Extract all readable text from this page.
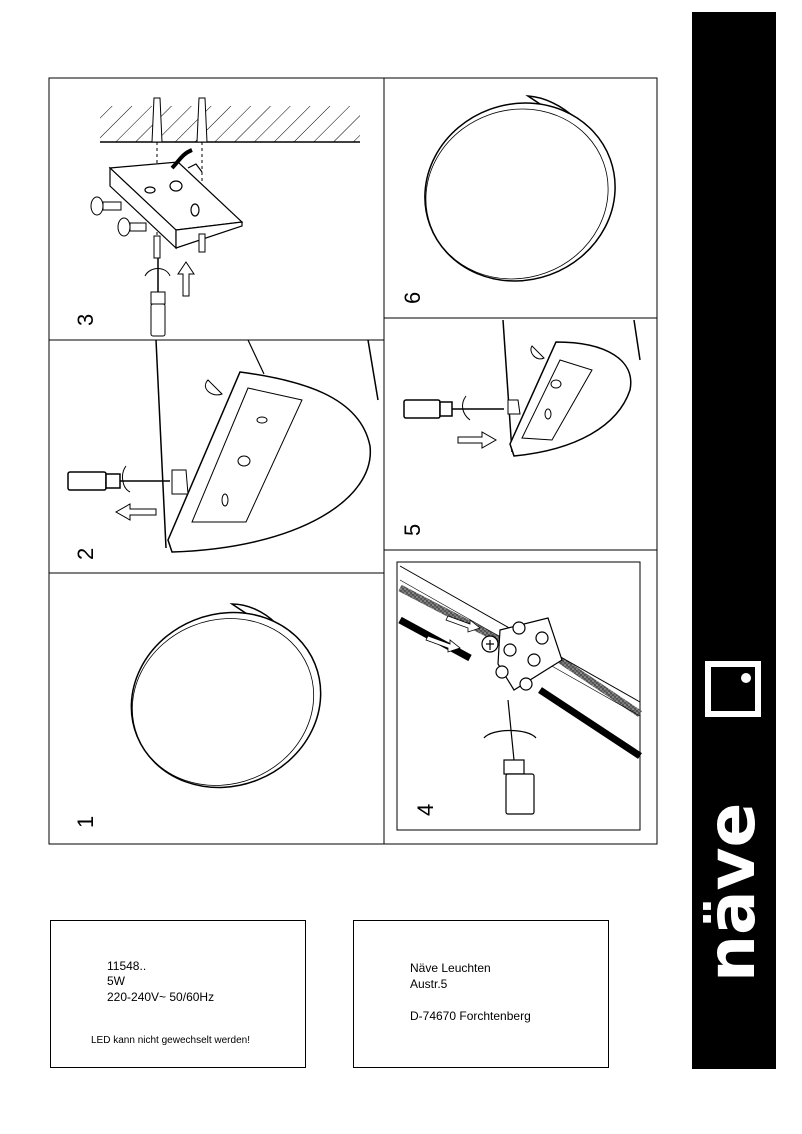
3
6
2
5
1
4
11548..
5W
220-240V~ 50/60Hz
LED kann nicht gewechselt werden!
Näve Leuchten
Austr.5
D-74670 Forchtenberg
näve
